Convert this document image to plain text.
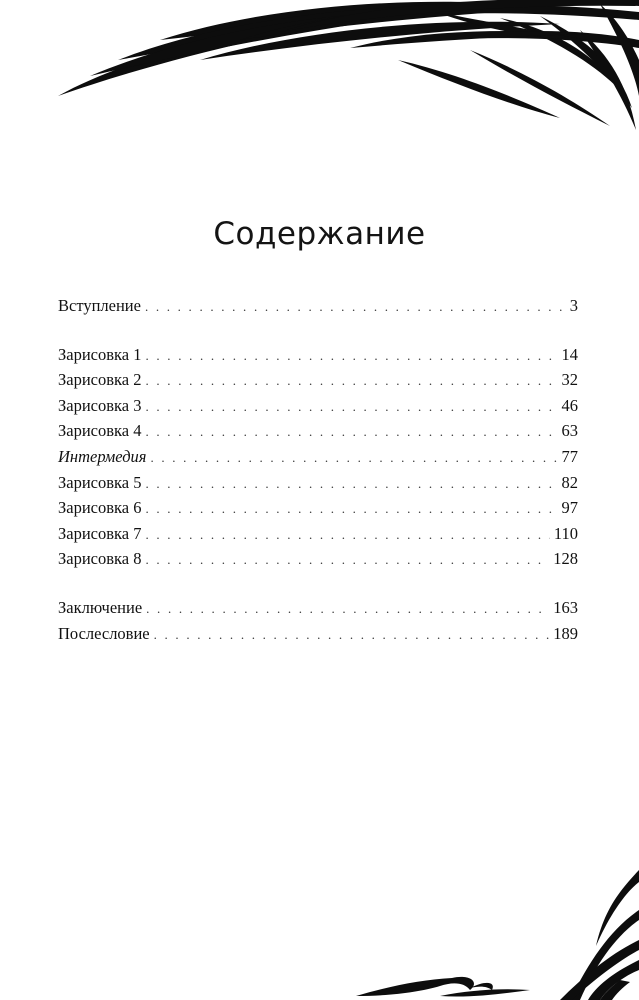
Содержание
Вступление . . .	3
Зарисовка 1 . . .	14
Зарисовка 2 . . .	32
Зарисовка 3 . . .	46
Зарисовка 4 . . .	63
Интермедия . . .	77
Зарисовка 5 . . .	82
Зарисовка 6 . . .	97
Зарисовка 7 . . .	110
Зарисовка 8 . . .	128
Заключение . . .	163
Послесловие . . .	189
